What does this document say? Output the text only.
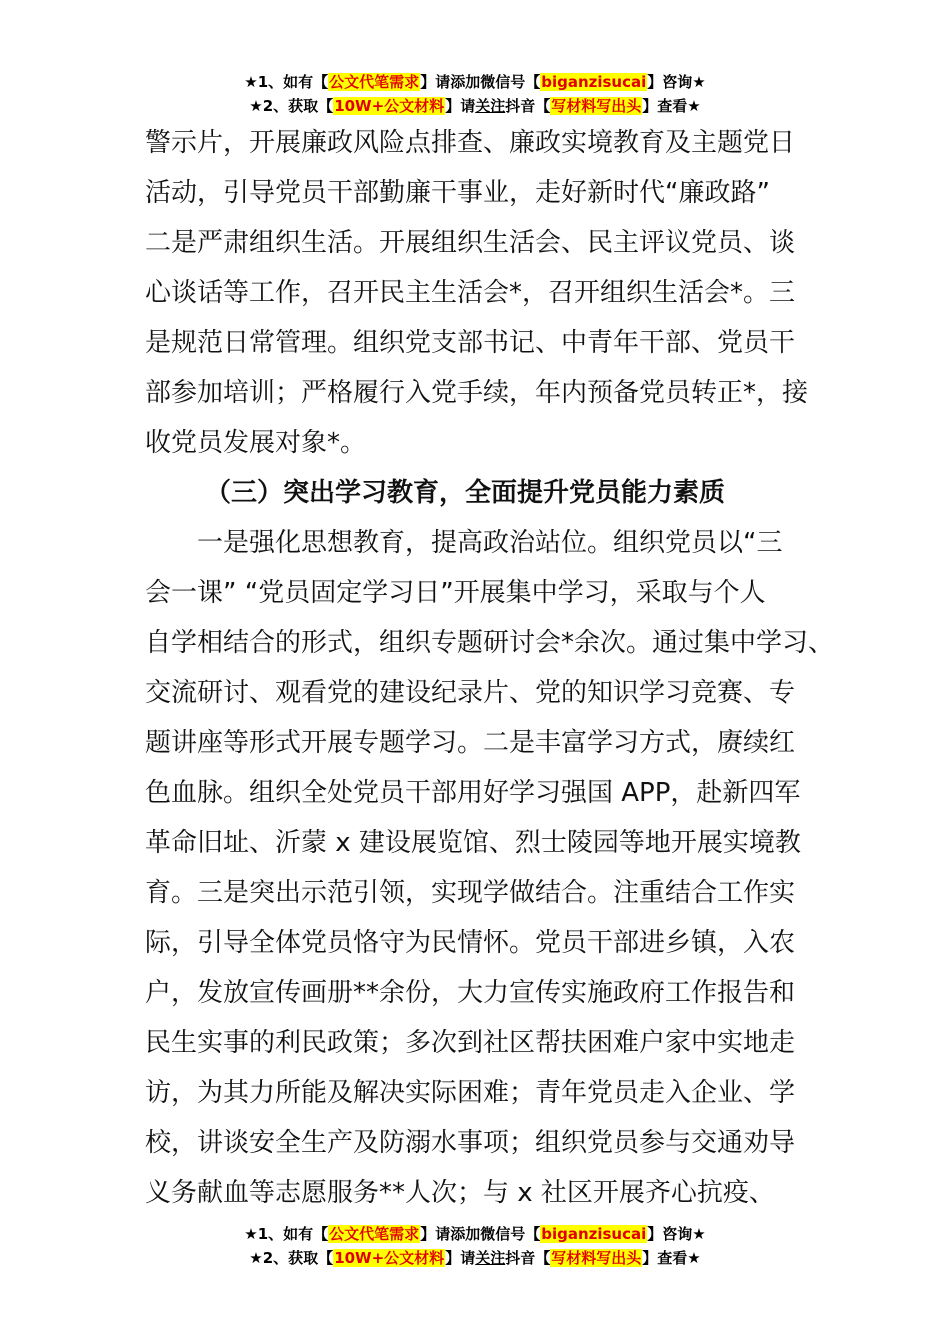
★1、如有【公文代笔需求】请添加微信号【biganzisucai】咨询★
★2、获取【10W+公文材料】请关注抖音【写材料写出头】查看★
警示片，开展廉政风险点排查、廉政实境教育及主题党日
活动，引导党员干部勤廉干事业，走好新时代“廉政路”
二是严肃组织生活。开展组织生活会、民主评议党员、谈
心谈话等工作，召开民主生活会*，召开组织生活会*。三
是规范日常管理。组织党支部书记、中青年干部、党员干
部参加培训；严格履行入党手续，年内预备党员转正*，接
收党员发展对象*。
（三）突出学习教育，全面提升党员能力素质
一是强化思想教育，提高政治站位。组织党员以“三
会一课” “党员固定学习日”开展集中学习，采取与个人
自学相结合的形式，组织专题研讨会*余次。通过集中学习、
交流研讨、观看党的建设纪录片、党的知识学习竞赛、专
题讲座等形式开展专题学习。二是丰富学习方式，赓续红
色血脉。组织全处党员干部用好学习强国 APP，赴新四军
革命旧址、沂蒙 x 建设展览馆、烈士陵园等地开展实境教
育。三是突出示范引领，实现学做结合。注重结合工作实
际，引导全体党员恪守为民情怀。党员干部进乡镇，入农
户，发放宣传画册**余份，大力宣传实施政府工作报告和
民生实事的利民政策；多次到社区帮扶困难户家中实地走
访，为其力所能及解决实际困难；青年党员走入企业、学
校，讲谈安全生产及防溺水事项；组织党员参与交通劝导
义务献血等志愿服务**人次；与 x 社区开展齐心抗疫、
★1、如有【公文代笔需求】请添加微信号【biganzisucai】咨询★
★2、获取【10W+公文材料】请关注抖音【写材料写出头】查看★
